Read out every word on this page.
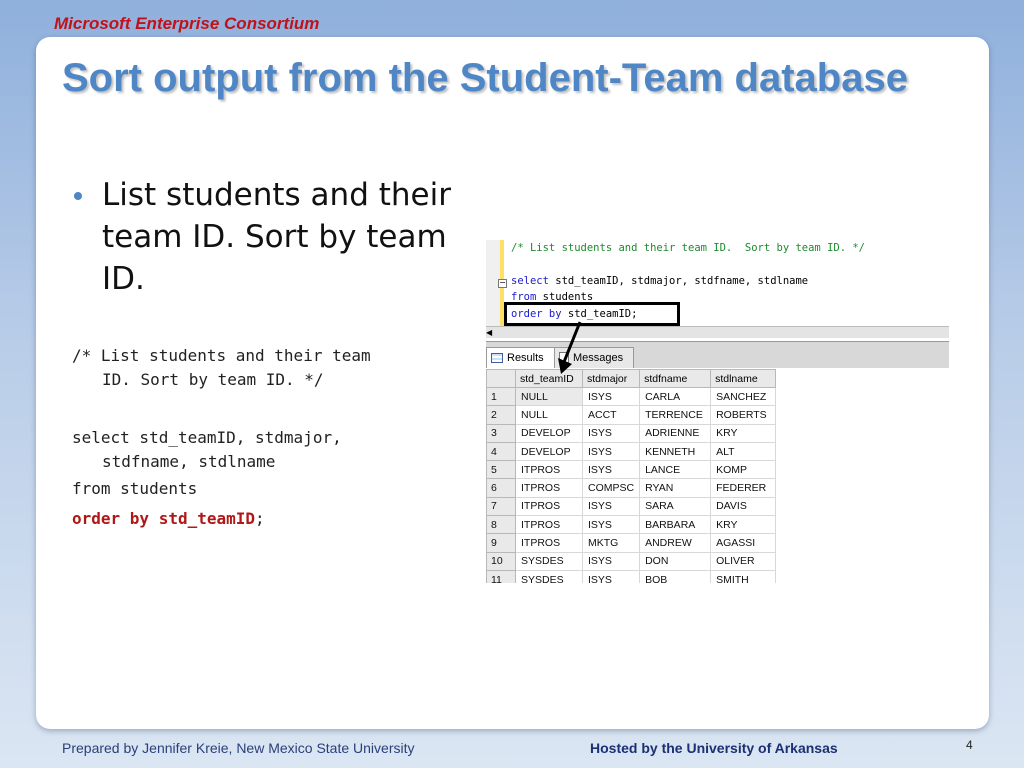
Microsoft Enterprise Consortium
Sort output from the Student-Team database
List students and their team ID. Sort by team ID.
/* List students and their team
ID. Sort by team ID. */
select std_teamID, stdmajor,
stdfname, stdlname
from students
order by std_teamID;
/* List students and their team ID.  Sort by team ID. */
− select std_teamID, stdmajor, stdfname, stdlname
from students
order by std_teamID;
◀
Results	Messages
	std_teamID	stdmajor	stdfname	stdlname
1	NULL	ISYS	CARLA	SANCHEZ
2	NULL	ACCT	TERRENCE	ROBERTS
3	DEVELOP	ISYS	ADRIENNE	KRY
4	DEVELOP	ISYS	KENNETH	ALT
5	ITPROS	ISYS	LANCE	KOMP
6	ITPROS	COMPSC	RYAN	FEDERER
7	ITPROS	ISYS	SARA	DAVIS
8	ITPROS	ISYS	BARBARA	KRY
9	ITPROS	MKTG	ANDREW	AGASSI
10	SYSDES	ISYS	DON	OLIVER
11	SYSDES	ISYS	BOB	SMITH
Prepared by Jennifer Kreie, New Mexico State University	Hosted by the University of Arkansas	4
